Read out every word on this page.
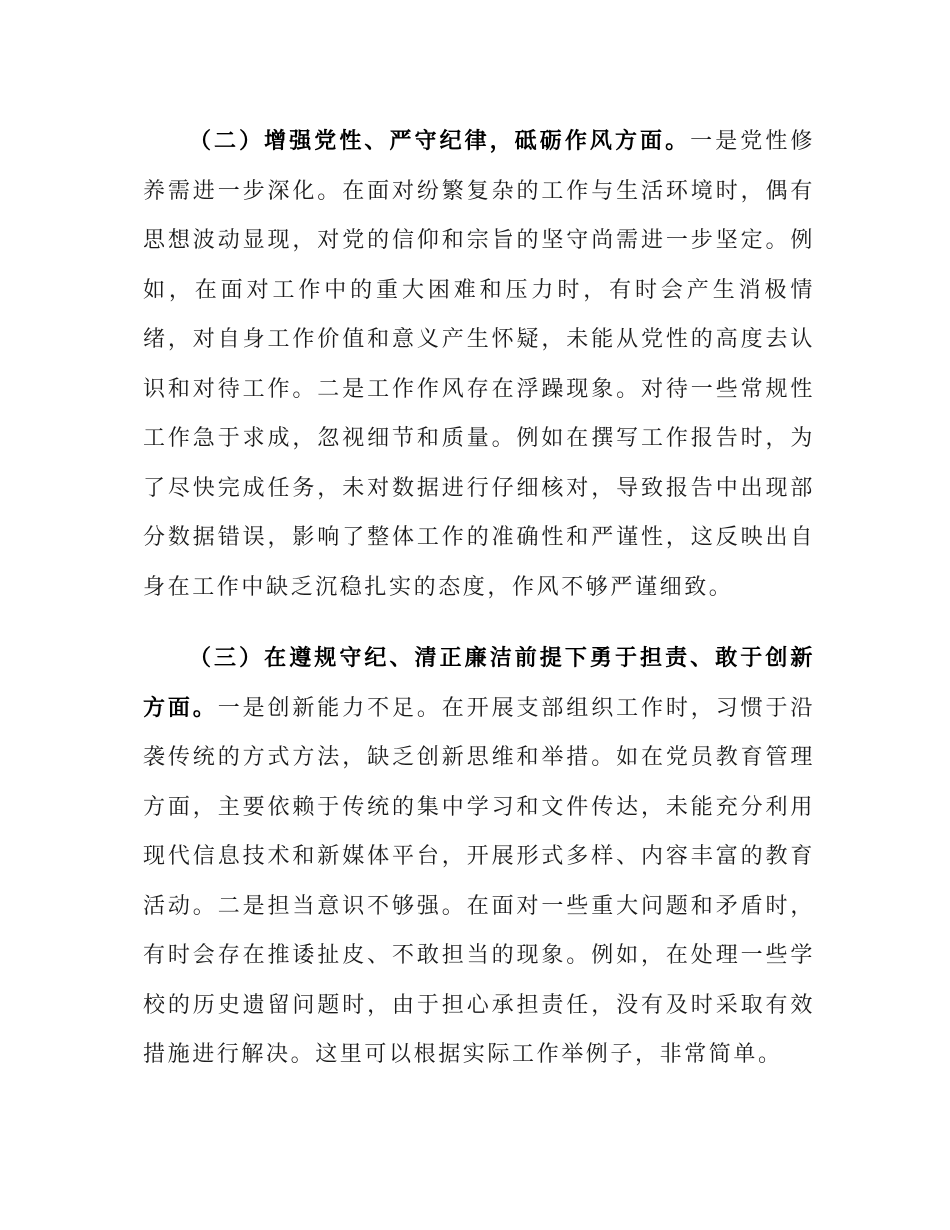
（二）增强党性、严守纪律，砥砺作风方面。一是党性修养需进一步深化。在面对纷繁复杂的工作与生活环境时，偶有思想波动显现，对党的信仰和宗旨的坚守尚需进一步坚定。例如，在面对工作中的重大困难和压力时，有时会产生消极情绪，对自身工作价值和意义产生怀疑，未能从党性的高度去认识和对待工作。二是工作作风存在浮躁现象。对待一些常规性工作急于求成，忽视细节和质量。例如在撰写工作报告时，为了尽快完成任务，未对数据进行仔细核对，导致报告中出现部分数据错误，影响了整体工作的准确性和严谨性，这反映出自身在工作中缺乏沉稳扎实的态度，作风不够严谨细致。

（三）在遵规守纪、清正廉洁前提下勇于担责、敢于创新方面。一是创新能力不足。在开展支部组织工作时，习惯于沿袭传统的方式方法，缺乏创新思维和举措。如在党员教育管理方面，主要依赖于传统的集中学习和文件传达，未能充分利用现代信息技术和新媒体平台，开展形式多样、内容丰富的教育活动。二是担当意识不够强。在面对一些重大问题和矛盾时，有时会存在推诿扯皮、不敢担当的现象。例如，在处理一些学校的历史遗留问题时，由于担心承担责任，没有及时采取有效措施进行解决。这里可以根据实际工作举例子，非常简单。
